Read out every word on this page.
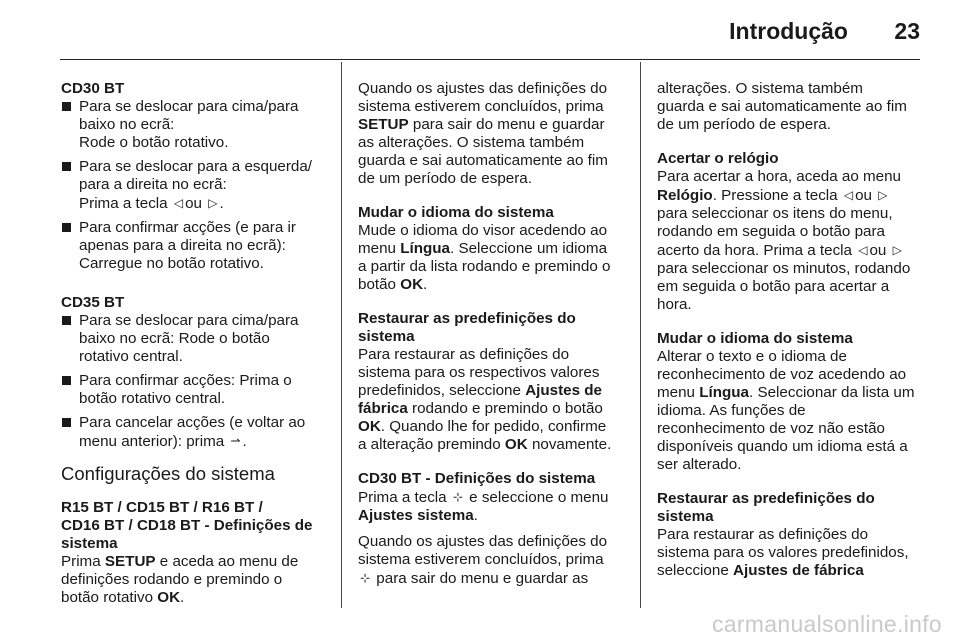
Introdução 23
CD30 BT
Para se deslocar para cima/para
baixo no ecrã:
Rode o botão rotativo.
Para se deslocar para a esquerda/
para a direita no ecrã:
Prima a tecla ◁ ou ▷ .
Para confirmar acções (e para ir
apenas para a direita no ecrã):
Carregue no botão rotativo.
CD35 BT
Para se deslocar para cima/para
baixo no ecrã: Rode o botão
rotativo central.
Para confirmar acções: Prima o
botão rotativo central.
Para cancelar acções (e voltar ao
menu anterior): prima ⇀ .
Configurações do sistema
R15 BT / CD15 BT / R16 BT /
CD16 BT / CD18 BT - Definições de
sistema
Prima SETUP e aceda ao menu de
definições rodando e premindo o
botão rotativo OK.

Quando os ajustes das definições do
sistema estiverem concluídos, prima
SETUP para sair do menu e guardar
as alterações. O sistema também
guarda e sai automaticamente ao fim
de um período de espera.

Mudar o idioma do sistema
Mude o idioma do visor acedendo ao
menu Língua. Seleccione um idioma
a partir da lista rodando e premindo o
botão OK.

Restaurar as predefinições do
sistema
Para restaurar as definições do
sistema para os respectivos valores
predefinidos, seleccione Ajustes de
fábrica rodando e premindo o botão
OK. Quando lhe for pedido, confirme
a alteração premindo OK novamente.

CD30 BT - Definições do sistema
Prima a tecla ⊹ e seleccione o menu
Ajustes sistema.

Quando os ajustes das definições do
sistema estiverem concluídos, prima
⊹ para sair do menu e guardar as

alterações. O sistema também
guarda e sai automaticamente ao fim
de um período de espera.

Acertar o relógio
Para acertar a hora, aceda ao menu
Relógio. Pressione a tecla ◁ ou ▷
para seleccionar os itens do menu,
rodando em seguida o botão para
acerto da hora. Prima a tecla ◁ ou ▷
para seleccionar os minutos, rodando
em seguida o botão para acertar a
hora.

Mudar o idioma do sistema
Alterar o texto e o idioma de
reconhecimento de voz acedendo ao
menu Língua. Seleccionar da lista um
idioma. As funções de
reconhecimento de voz não estão
disponíveis quando um idioma está a
ser alterado.

Restaurar as predefinições do
sistema
Para restaurar as definições do
sistema para os valores predefinidos,
seleccione Ajustes de fábrica

carmanualsonline.info
